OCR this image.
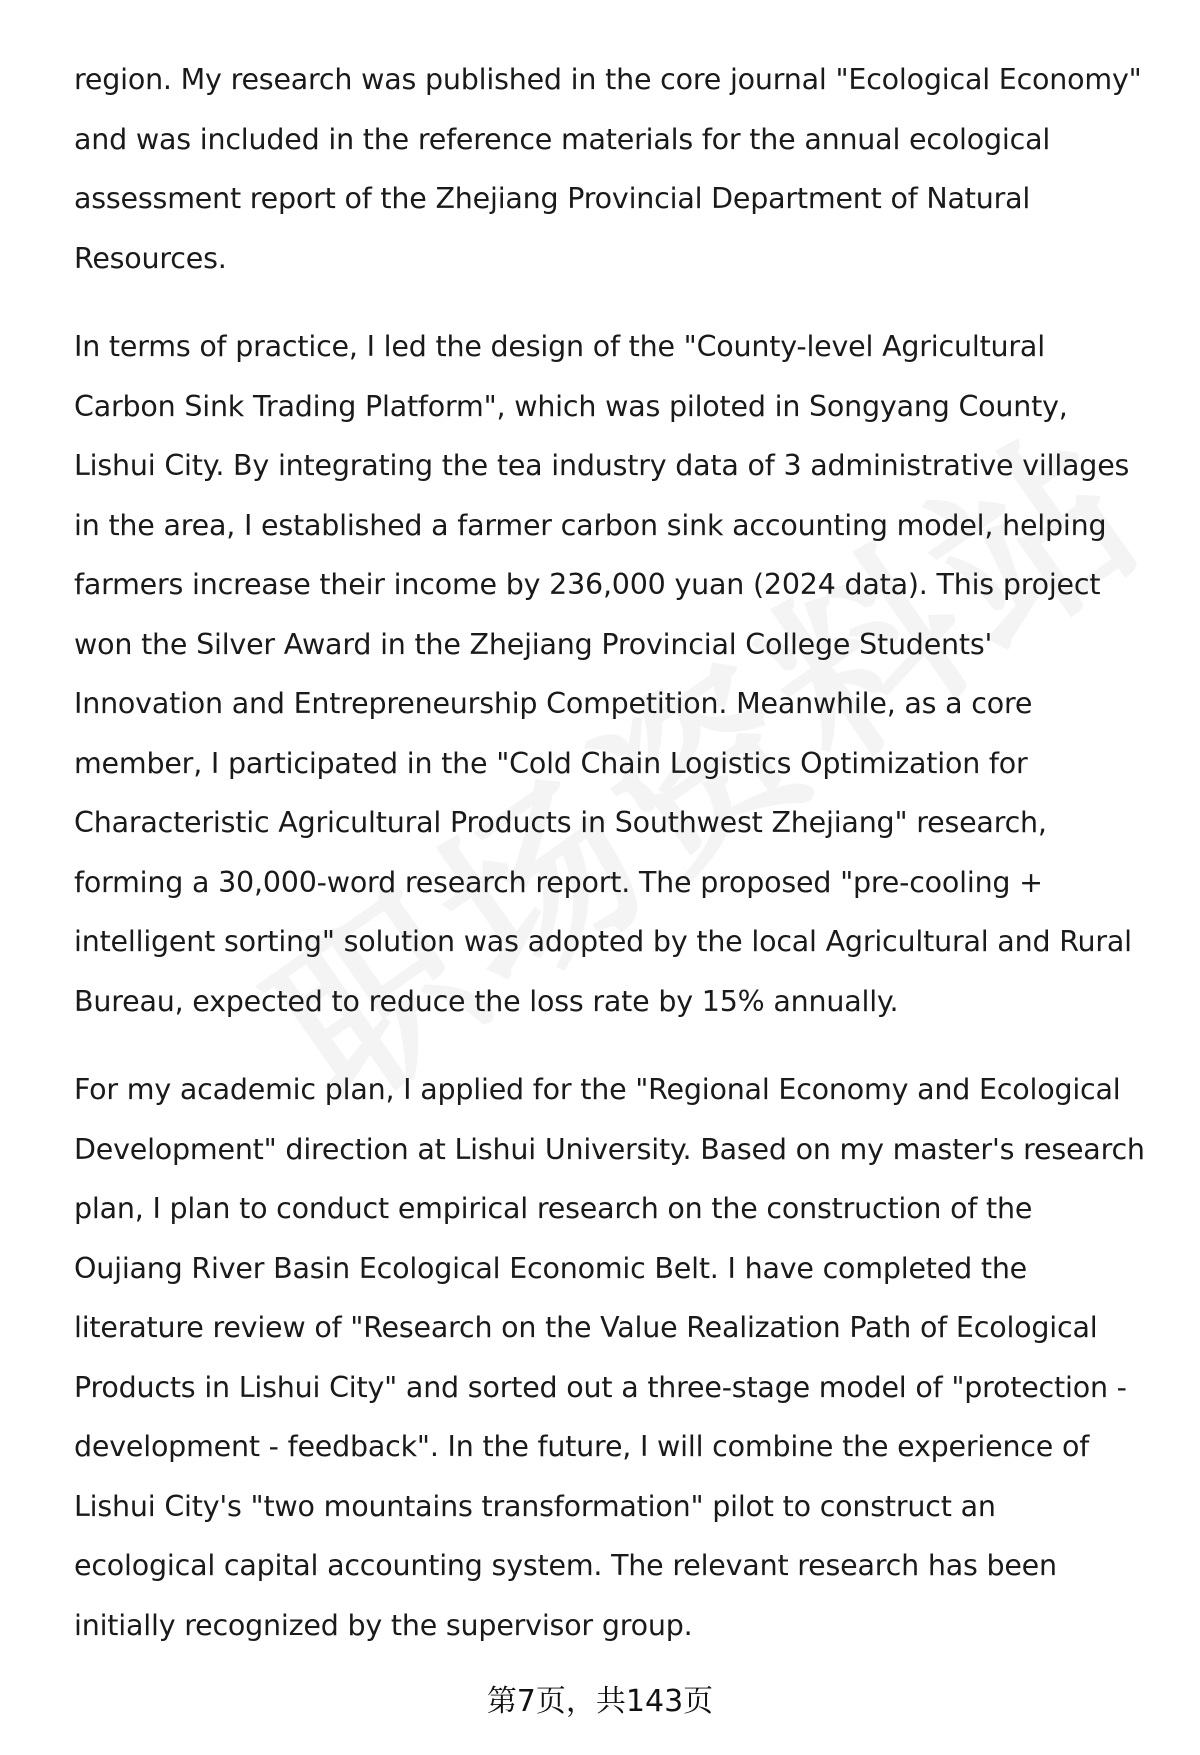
region. My research was published in the core journal "Ecological Economy"
and was included in the reference materials for the annual ecological
assessment report of the Zhejiang Provincial Department of Natural
Resources.

In terms of practice, I led the design of the "County-level Agricultural
Carbon Sink Trading Platform", which was piloted in Songyang County,
Lishui City. By integrating the tea industry data of 3 administrative villages
in the area, I established a farmer carbon sink accounting model, helping
farmers increase their income by 236,000 yuan (2024 data). This project
won the Silver Award in the Zhejiang Provincial College Students'
Innovation and Entrepreneurship Competition. Meanwhile, as a core
member, I participated in the "Cold Chain Logistics Optimization for
Characteristic Agricultural Products in Southwest Zhejiang" research,
forming a 30,000-word research report. The proposed "pre-cooling +
intelligent sorting" solution was adopted by the local Agricultural and Rural
Bureau, expected to reduce the loss rate by 15% annually.

For my academic plan, I applied for the "Regional Economy and Ecological
Development" direction at Lishui University. Based on my master's research
plan, I plan to conduct empirical research on the construction of the
Oujiang River Basin Ecological Economic Belt. I have completed the
literature review of "Research on the Value Realization Path of Ecological
Products in Lishui City" and sorted out a three-stage model of "protection -
development - feedback". In the future, I will combine the experience of
Lishui City's "two mountains transformation" pilot to construct an
ecological capital accounting system. The relevant research has been
initially recognized by the supervisor group.

第7页，共143页
